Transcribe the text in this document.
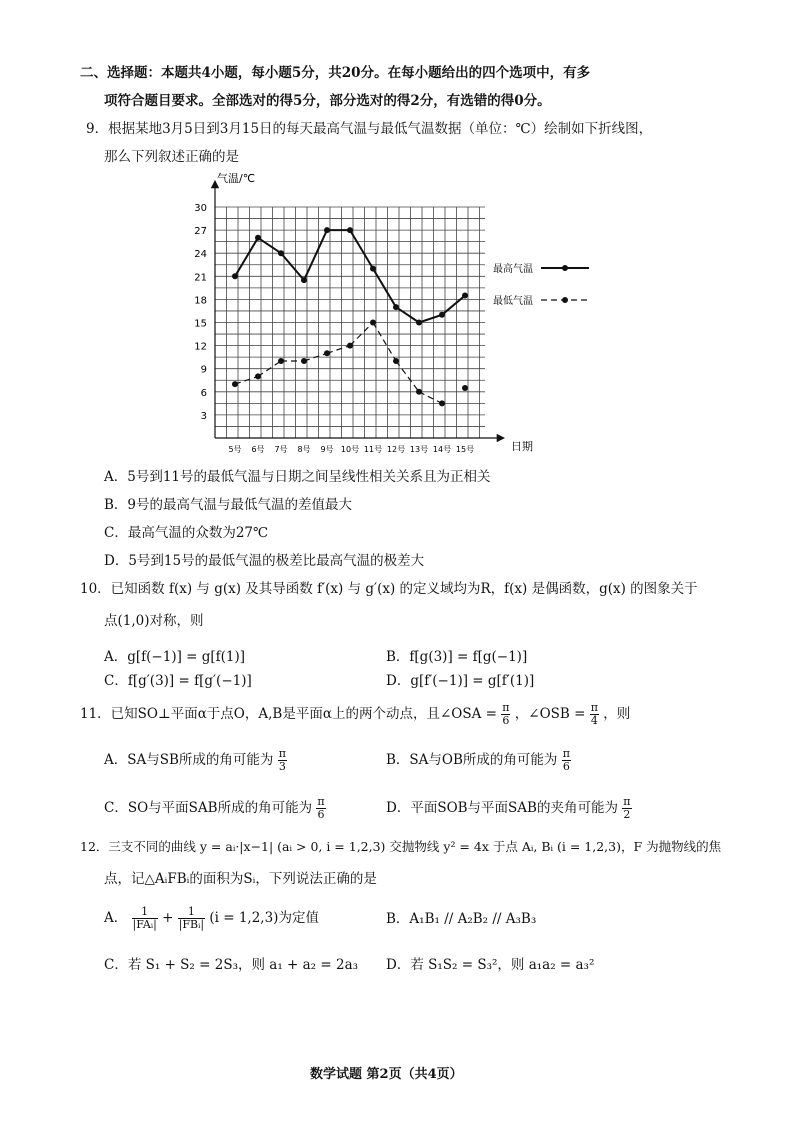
二、选择题：本题共4小题，每小题5分，共20分。在每小题给出的四个选项中，有多
项符合题目要求。全部选对的得5分，部分选对的得2分，有选错的得0分。
9．根据某地3月5日到3月15日的每天最高气温与最低气温数据（单位：℃）绘制如下折线图，
那么下列叙述正确的是
气温/℃
日期
3
6
9
12
15
18
21
24
27
30
5号 6号 7号 8号 9号 10号 11号 12号 13号 14号 15号
最高气温
最低气温
A．5号到11号的最低气温与日期之间呈线性相关关系且为正相关
B．9号的最高气温与最低气温的差值最大
C．最高气温的众数为27℃
D．5号到15号的最低气温的极差比最高气温的极差大
10．已知函数 f(x) 与 g(x) 及其导函数 f′(x) 与 g′(x) 的定义域均为R，f(x) 是偶函数，g(x) 的图象关于
点(1,0)对称，则
A．g[f(−1)] = g[f(1)]	B．f[g(3)] = f[g(−1)]
C．f[g′(3)] = f[g′(−1)]	D．g[f′(−1)] = g[f′(1)]
11．已知SO⊥平面α于点O，A,B是平面α上的两个动点，且∠OSA = $\frac{\pi}{6}$ ，∠OSB = $\frac{\pi}{4}$ ，则
A．SA与SB所成的角可能为 $\frac{\pi}{3}$	B．SA与OB所成的角可能为 $\frac{\pi}{6}$
C．SO与平面SAB所成的角可能为 $\frac{\pi}{6}$	D．平面SOB与平面SAB的夹角可能为 $\frac{\pi}{2}$
12．三支不同的曲线 y = aᵢ·|x−1| (aᵢ > 0, i = 1,2,3) 交抛物线 y² = 4x 于点 Aᵢ, Bᵢ (i = 1,2,3)，F 为抛物线的焦
点，记△AᵢFBᵢ的面积为Sᵢ，下列说法正确的是
A． $\frac{1}{\text{|FAᵢ|}} + \frac{1}{\text{|FBᵢ|}} (i = 1,2,3)$为定值	B．A₁B₁ // A₂B₂ // A₃B₃
C．若 S₁ + S₂ = 2S₃，则 a₁ + a₂ = 2a₃ D．若 S₁S₂ = S₃²，则 a₁a₂ = a₃²
数学试题 第2页（共4页）
